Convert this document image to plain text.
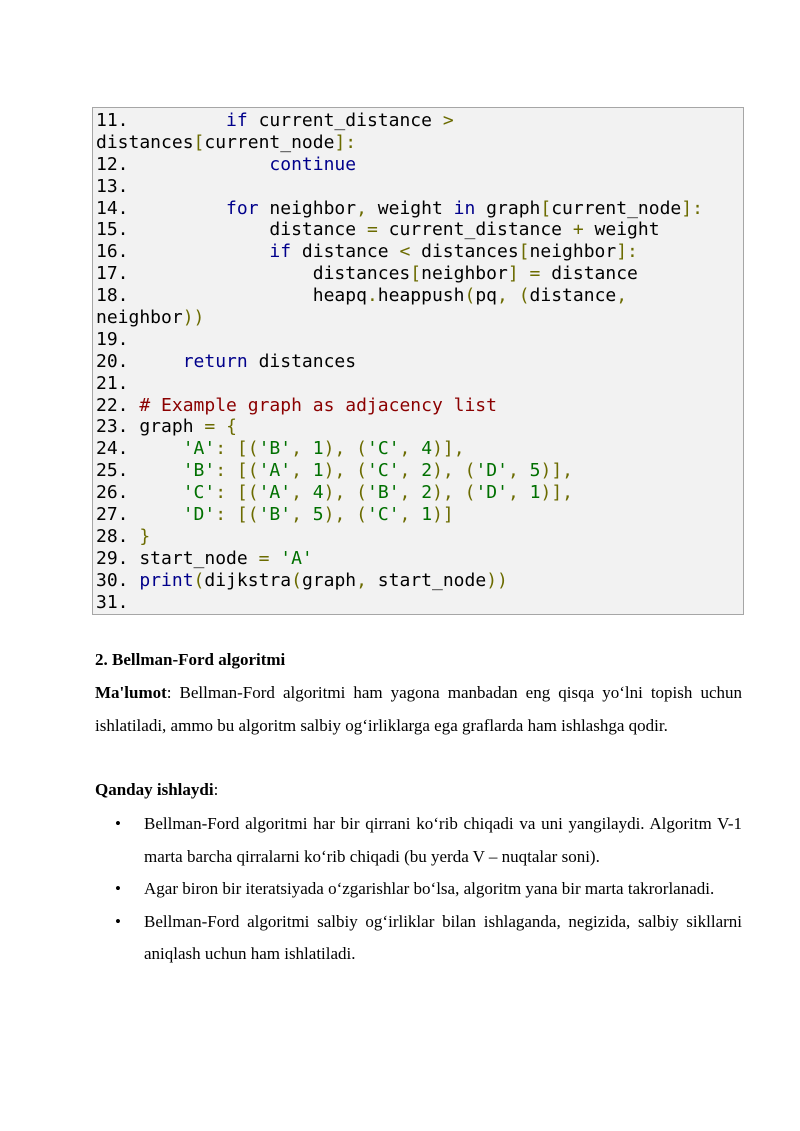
11.         if current_distance >
distances[current_node]:
12.             continue
13.
14.         for neighbor, weight in graph[current_node]:
15.             distance = current_distance + weight
16.             if distance < distances[neighbor]:
17.                 distances[neighbor] = distance
18.                 heapq.heappush(pq, (distance,
neighbor))
19.
20.     return distances
21.
22. # Example graph as adjacency list
23. graph = {
24.     'A': [('B', 1), ('C', 4)],
25.     'B': [('A', 1), ('C', 2), ('D', 5)],
26.     'C': [('A', 4), ('B', 2), ('D', 1)],
27.     'D': [('B', 5), ('C', 1)]
28. }
29. start_node = 'A'
30. print(dijkstra(graph, start_node))
31.
2. Bellman-Ford algoritmi
Ma'lumot: Bellman-Ford algoritmi ham yagona manbadan eng qisqa yo‘lni topish uchun ishlatiladi, ammo bu algoritm salbiy og‘irliklarga ega graflarda ham ishlashga qodir.
Qanday ishlaydi:
• Bellman-Ford algoritmi har bir qirrani ko‘rib chiqadi va uni yangilaydi. Algoritm V-1 marta barcha qirralarni ko‘rib chiqadi (bu yerda V – nuqtalar soni).
• Agar biron bir iteratsiyada o‘zgarishlar bo‘lsa, algoritm yana bir marta takrorlanadi.
• Bellman-Ford algoritmi salbiy og‘irliklar bilan ishlaganda, negizida, salbiy sikllarni aniqlash uchun ham ishlatiladi.
